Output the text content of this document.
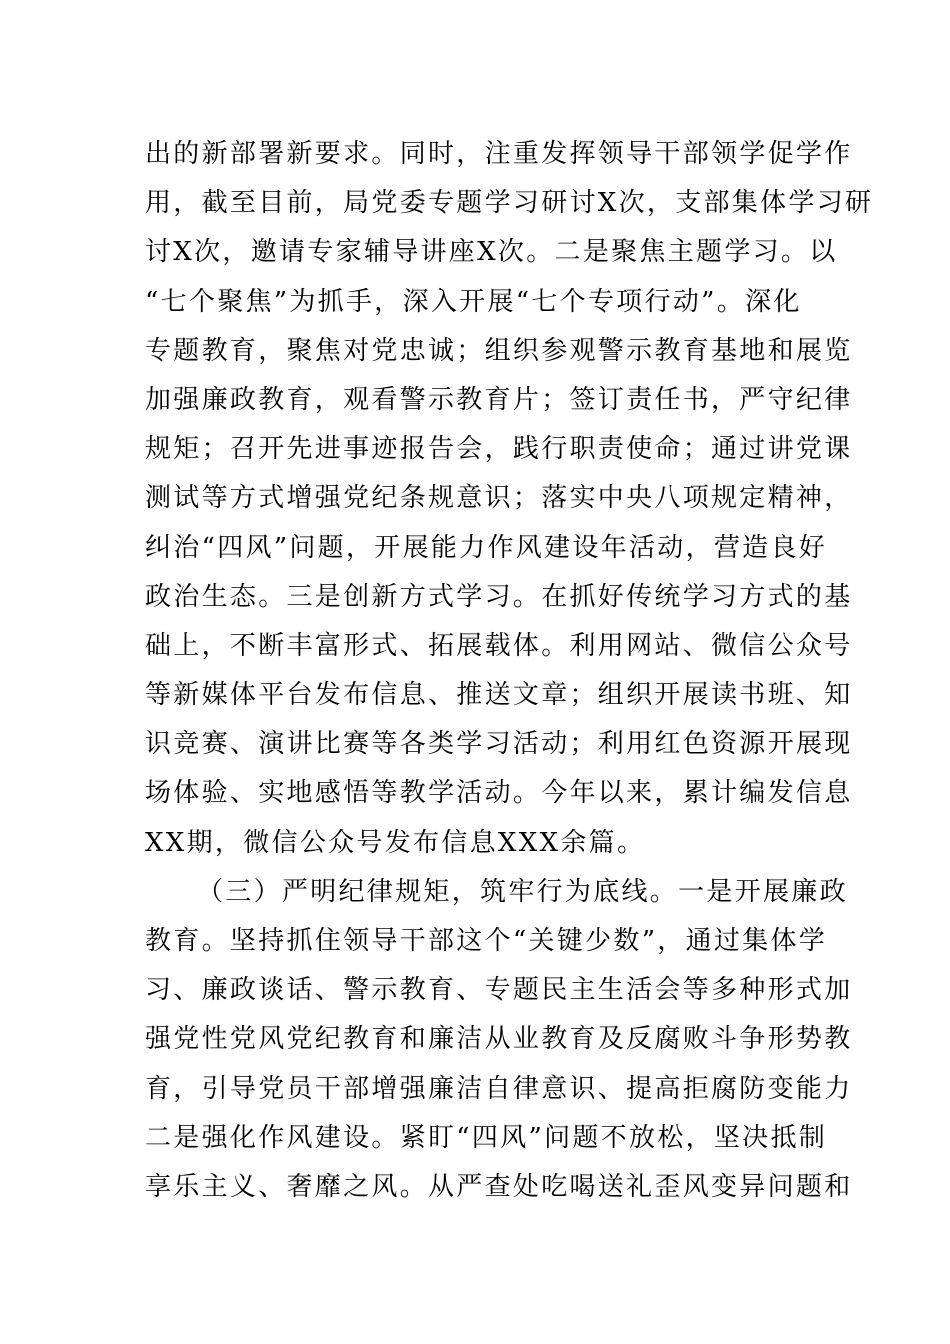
出的新部署新要求。同时，注重发挥领导干部领学促学作
用，截至目前，局党委专题学习研讨X次，支部集体学习研
讨X次，邀请专家辅导讲座X次。二是聚焦主题学习。以
“七个聚焦”为抓手，深入开展“七个专项行动”。深化
专题教育，聚焦对党忠诚；组织参观警示教育基地和展览
加强廉政教育，观看警示教育片；签订责任书，严守纪律
规矩；召开先进事迹报告会，践行职责使命；通过讲党课
测试等方式增强党纪条规意识；落实中央八项规定精神，
纠治“四风”问题，开展能力作风建设年活动，营造良好
政治生态。三是创新方式学习。在抓好传统学习方式的基
础上，不断丰富形式、拓展载体。利用网站、微信公众号
等新媒体平台发布信息、推送文章；组织开展读书班、知
识竞赛、演讲比赛等各类学习活动；利用红色资源开展现
场体验、实地感悟等教学活动。今年以来，累计编发信息
XX期，微信公众号发布信息XXX余篇。
（三）严明纪律规矩，筑牢行为底线。一是开展廉政
教育。坚持抓住领导干部这个“关键少数”，通过集体学
习、廉政谈话、警示教育、专题民主生活会等多种形式加
强党性党风党纪教育和廉洁从业教育及反腐败斗争形势教
育，引导党员干部增强廉洁自律意识、提高拒腐防变能力
二是强化作风建设。紧盯“四风”问题不放松，坚决抵制
享乐主义、奢靡之风。从严查处吃喝送礼歪风变异问题和
